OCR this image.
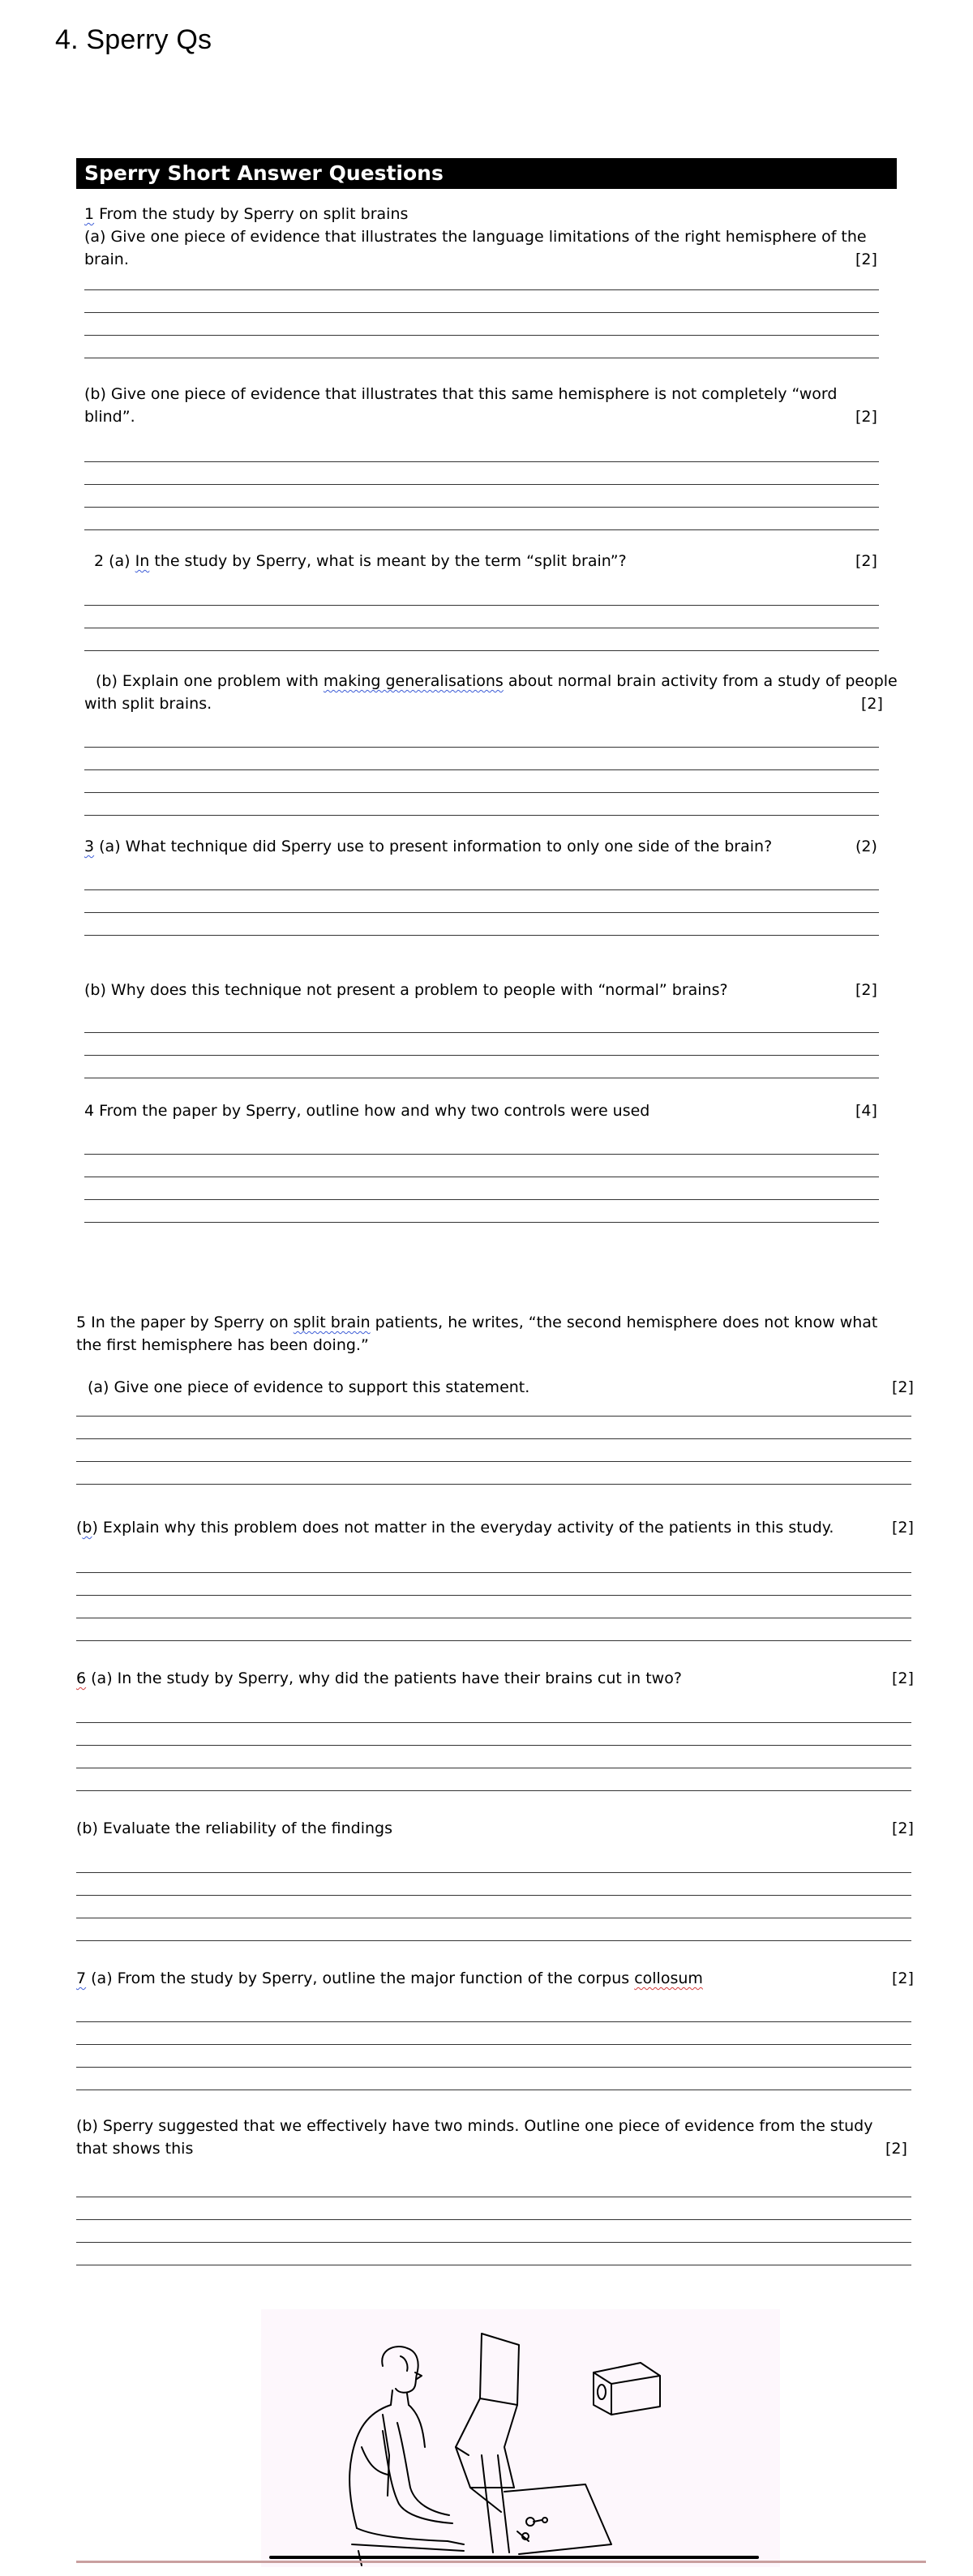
4. Sperry Qs
Sperry Short Answer Questions
1 From the study by Sperry on split brains
(a) Give one piece of evidence that illustrates the language limitations of the right hemisphere of the
brain.	[2]
(b) Give one piece of evidence that illustrates that this same hemisphere is not completely “word
blind”.	[2]
2 (a) In the study by Sperry, what is meant by the term “split brain”?	[2]
(b) Explain one problem with making generalisations about normal brain activity from a study of people
with split brains.	[2]
3 (a) What technique did Sperry use to present information to only one side of the brain?	(2)
(b) Why does this technique not present a problem to people with “normal” brains?	[2]
4 From the paper by Sperry, outline how and why two controls were used	[4]
5 In the paper by Sperry on split brain patients, he writes, “the second hemisphere does not know what
the first hemisphere has been doing.”
(a) Give one piece of evidence to support this statement.	[2]
(b) Explain why this problem does not matter in the everyday activity of the patients in this study.	[2]
6 (a) In the study by Sperry, why did the patients have their brains cut in two?	[2]
(b) Evaluate the reliability of the findings	[2]
7 (a) From the study by Sperry, outline the major function of the corpus collosum	[2]
(b) Sperry suggested that we effectively have two minds. Outline one piece of evidence from the study
that shows this	[2]
